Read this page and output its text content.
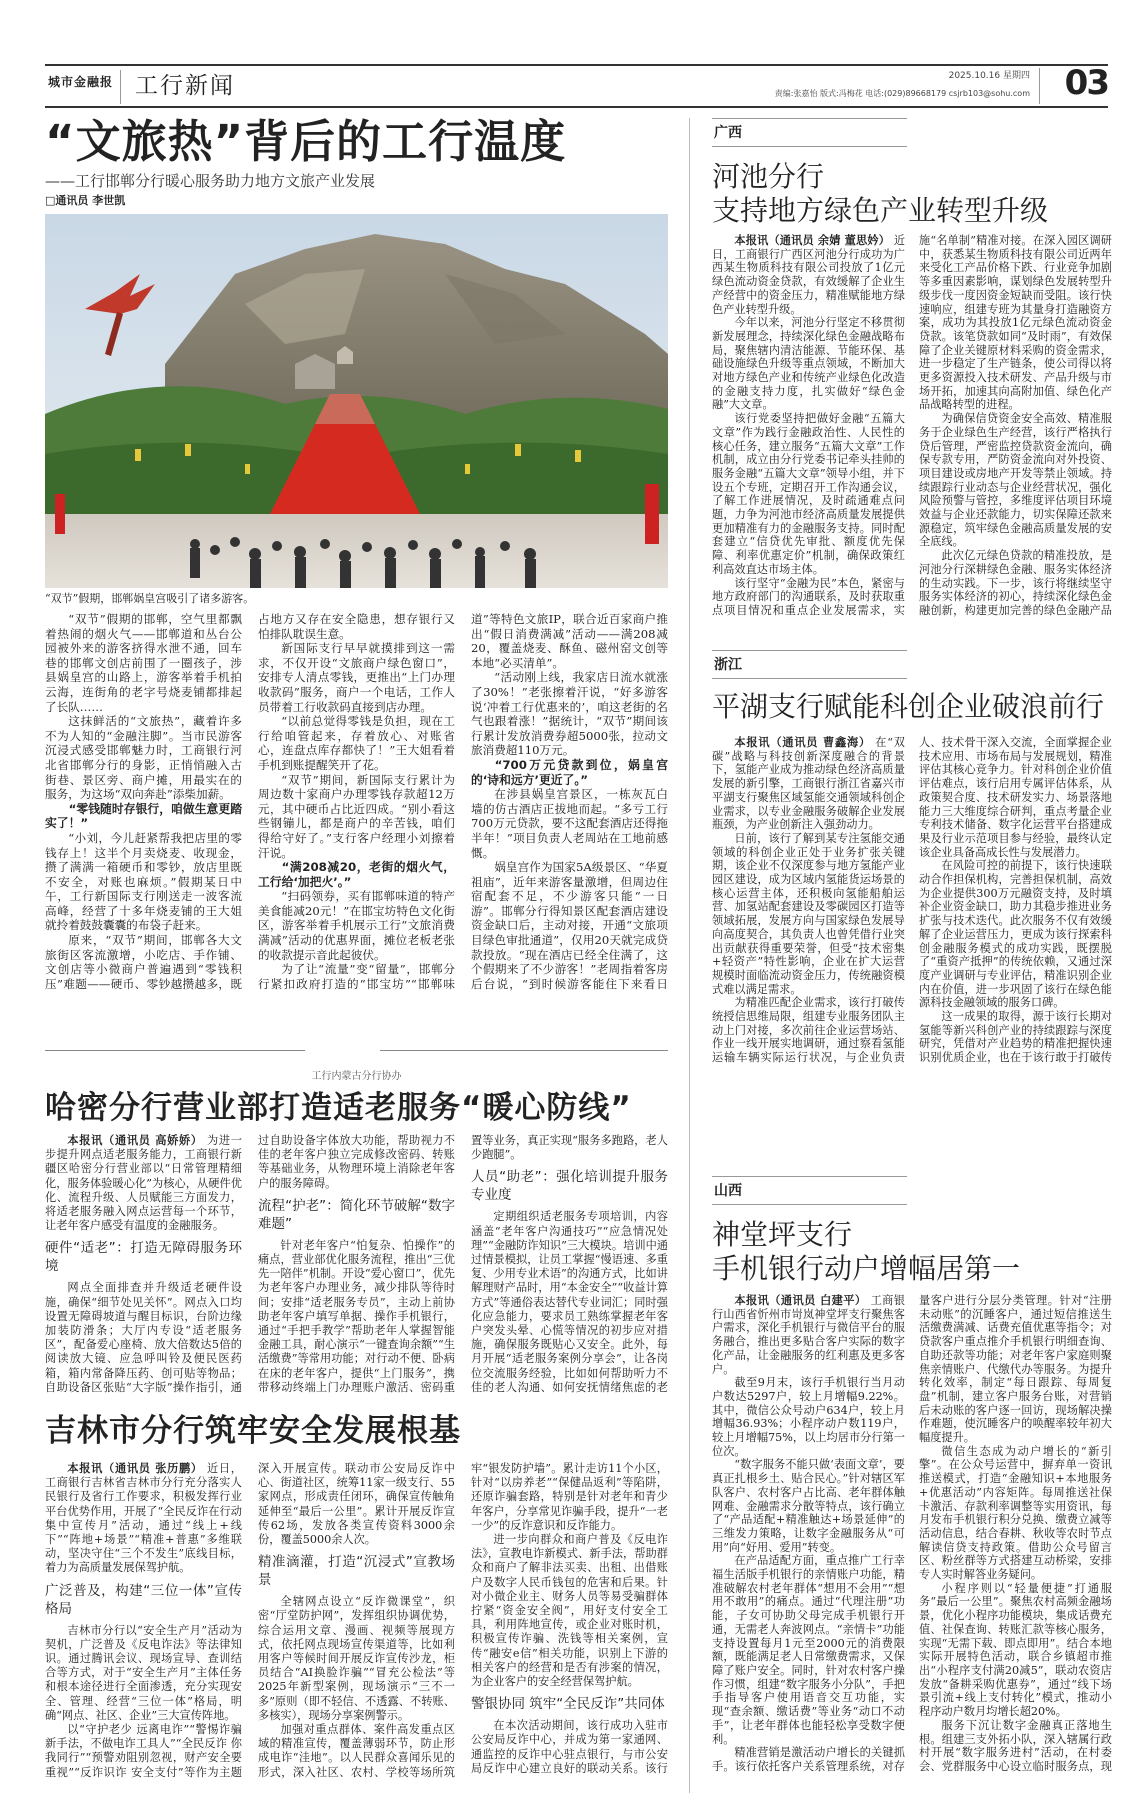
城市金融报 工行新闻	2025.10.16 星期四
责编:张嘉怡 版式:冯梅花 电话:(029)89668179 csjrb103@sohu.com 03
“文旅热”背后的工行温度
——工行邯郸分行暖心服务助力地方文旅产业发展
□通讯员 李世凯
“双节”假期，邯郸娲皇宫吸引了诸多游客。

“双节”假期的邯郸，空气里都飘着热闹的烟火气——邯郸道和丛台公园被外来的游客挤得水泄不通，回车巷的邯郸文创店前围了一圈孩子，涉县娲皇宫的山路上，游客举着手机拍云海，连街角的老字号烧麦铺都排起了长队……

这抹鲜活的“文旅热”，藏着许多不为人知的“金融注脚”。当市民游客沉浸式感受邯郸魅力时，工商银行河北省邯郸分行的身影，正悄悄融入古街巷、景区旁、商户摊，用最实在的服务，为这场“双向奔赴”添柴加薪。

“零钱随时存银行，咱做生意更踏实了！”

“小刘，今儿赶紧帮我把店里的零钱存上！这半个月卖烧麦、收现金，攒了满满一箱硬币和零钞，放店里既不安全，对账也麻烦。”假期某日中午，工行新国际支行刚送走一波客流高峰，经营了十多年烧麦铺的王大姐就拎着鼓鼓囊囊的布袋子赶来。

原来，“双节”期间，邯郸各大文旅街区客流激增，小吃店、手作铺、文创店等小微商户普遍遇到“零钱积压”难题——硬币、零钞越攒越多，既占地方又存在安全隐患，想存银行又怕排队耽误生意。

新国际支行早早就摸排到这一需求，不仅开设“文旅商户绿色窗口”，安排专人清点零钱，更推出“上门办理收款码”服务，商户一个电话，工作人员带着工行收款码直接到店办理。

“以前总觉得零钱是负担，现在工行给咱管起来，存着放心、对账省心，连盘点库存都快了！”王大姐看着手机到账提醒笑开了花。

“双节”期间，新国际支行累计为周边数十家商户办理零钱存款超12万元，其中硬币占比近四成。“别小看这些钢镚儿，都是商户的辛苦钱，咱们得给守好了。”支行客户经理小刘擦着汗说。

“满208减20，老街的烟火气，工行给‘加把火’。”

“扫码领券，买有邯郸味道的特产美食能减20元！”在邯宝坊特色文化街区，游客举着手机展示工行“文旅消费满减”活动的优惠界面，摊位老板老张的收款提示音此起彼伏。

为了让“流量”变“留量”，邯郸分行紧扣政府打造的“邯宝坊”“邯郸味道”等特色文旅IP，联合近百家商户推出“假日消费满减”活动——满208减20，覆盖烧麦、酥鱼、磁州窑文创等本地“必买清单”。

“活动刚上线，我家店日流水就涨了30%！”老张擦着汗说，“好多游客说‘冲着工行优惠来的’，咱这老街的名气也跟着涨！”据统计，“双节”期间该行累计发放消费券超5000张，拉动文旅消费超110万元。

“700万元贷款到位，娲皇宫的‘诗和远方’更近了。”

在涉县娲皇宫景区，一栋灰瓦白墙的仿古酒店正拔地而起。“多亏工行700万元贷款，要不这配套酒店还得拖半年！”项目负责人老周站在工地前感慨。

娲皇宫作为国家5A级景区、“华夏祖庙”，近年来游客量激增，但周边住宿配套不足，不少游客只能“一日游”。邯郸分行得知景区配套酒店建设资金缺口后，主动对接，开通“文旅项目绿色审批通道”，仅用20天就完成贷款投放。“现在酒店已经全住满了，这个假期来了不少游客！”老周指着客房后台说，“到时候游客能住下来看日

工行内蒙古分行协办
哈密分行营业部打造适老服务“暖心防线”

本报讯（通讯员 高娇娇） 为进一步提升网点适老服务能力，工商银行新疆区哈密分行营业部以“日常管理精细化，服务体验暖心化”为核心，从硬件优化、流程升级、人员赋能三方面发力，将适老服务融入网点运营每一个环节，让老年客户感受有温度的金融服务。

硬件“适老”：打造无障碍服务环境

网点全面排查并升级适老硬件设施，确保“细节处见关怀”。网点入口均设置无障碍坡道与醒目标识，台阶边缘加装防滑条；大厅内专设“适老服务区”，配备爱心座椅、放大倍数达5倍的阅读放大镜、应急呼叫铃及便民医药箱，箱内常备降压药、创可贴等物品；自助设备区张贴“大字版”操作指引，通过自助设备字体放大功能，帮助视力不佳的老年客户独立完成修改密码、转账等基础业务，从物理环境上消除老年客户的服务障碍。

流程“护老”：简化环节破解“数字难题”

针对老年客户“怕复杂、怕操作”的痛点，营业部优化服务流程，推出“三优先一陪伴”机制。开设“爱心窗口”，优先为老年客户办理业务，减少排队等待时间；安排“适老服务专员”，主动上前协助老年客户填写单据、操作手机银行，通过“手把手教学”帮助老年人掌握智能金融工具，耐心演示“一键查询余额”“生活缴费”等常用功能；对行动不便、卧病在床的老年客户，提供“上门服务”，携带移动终端上门办理账户激活、密码重置等业务，真正实现“服务多跑路，老人少跑腿”。

人员“助老”：强化培训提升服务专业度

定期组织适老服务专项培训，内容涵盖“老年客户沟通技巧”“应急情况处理”“金融防诈知识”三大模块。培训中通过情景模拟，让员工掌握“慢语速、多重复、少用专业术语”的沟通方式，比如讲解理财产品时，用“本金安全”“收益计算方式”等通俗表达替代专业词汇；同时强化应急能力，要求员工熟练掌握老年客户突发头晕、心慌等情况的初步应对措施，确保服务既贴心又安全。此外，每月开展“适老服务案例分享会”，让各岗位交流服务经验，比如如何帮助听力不佳的老人沟通、如何安抚情绪焦虑的老

吉林市分行筑牢安全发展根基

本报讯（通讯员 张历鹏） 近日，工商银行吉林省吉林市分行充分落实人民银行及省行工作要求，积极发挥行业平台优势作用，开展了“全民反诈在行动集中宣传月”活动，通过“线上+线下”“阵地+场景”“精准+普惠”多维联动，坚决守住“三个不发生”底线目标，着力为高质量发展保驾护航。

广泛普及，构建“三位一体”宣传格局

吉林市分行以“安全生产月”活动为契机，广泛普及《反电诈法》等法律知识。通过腾讯会议、现场宣导、查训结合等方式，对于“安全生产月”主体任务和根本途径进行全面渗透，充分实现安全、管理、经营“三位一体”格局，明确“网点、社区、企业”三大宣传阵地。

以“守护老少 远离电诈”“警惕诈骗新手法，不做电诈工具人”“全民反诈 你我同行”“预警劝阻别忽视，财产安全要重视”“反诈识诈 安全支付”等作为主题深入开展宣传。联动市公安局反诈中心、街道社区，统筹11家一级支行、55家网点，形成责任闭环，确保宣传触角延伸至“最后一公里”。累计开展反诈宣传62场，发放各类宣传资料3000余份，覆盖5000余人次。

精准滴灌，打造“沉浸式”宣教场景

全辖网点设立“反诈微课堂”，织密“厅堂防护网”，发挥组织协调优势，综合运用文章、漫画、视频等展现方式，依托网点现场宣传渠道等，比如利用客户等候时间开展反诈宣传沙龙，柜员结合“AI换脸诈骗”“冒充公检法”等2025年新型案例，现场演示“三不一多”原则（即不轻信、不透露、不转账、多核实），现场分享案例警示。

加强对重点群体、案件高发重点区域的精准宣传，覆盖薄弱环节，防止形成电诈“洼地”。以人民群众喜闻乐见的形式，深入社区、农村、学校等场所筑牢“银发防护墙”。累计走访11个小区，针对“以房养老”“保健品返利”等陷阱，还原诈骗套路，特别是针对老年和青少年客户，分享常见诈骗手段，提升“一老一少”的反诈意识和反诈能力。

进一步向群众和商户普及《反电诈法》，宣教电诈新模式、新手法，帮助群众和商户了解非法买卖、出租、出借账户及数字人民币钱包的危害和后果。针对小微企业主、财务人员等易受骗群体拧紧“资金安全阀”，用好支付安全工具，利用阵地宣传，或企业对账时机，积极宣传诈骗、洗钱等相关案例，宣传“融安e信”相关功能，识别上下游的相关客户的经营和是否有涉案的情况，为企业客户的安全经营保驾护航。

警银协同 筑牢“全民反诈”共同体

在本次活动期间，该行成功入驻市公安局反诈中心，并成为第一家通网、通监控的反诈中心驻点银行，与市公安局反诈中心建立良好的联动关系。该行

广西
河池分行
支持地方绿色产业转型升级

本报讯（通讯员 余婧 董思妗） 近日，工商银行广西区河池分行成功为广西某生物质科技有限公司投放了1亿元绿色流动资金贷款，有效缓解了企业生产经营中的资金压力，精准赋能地方绿色产业转型升级。

今年以来，河池分行坚定不移贯彻新发展理念，持续深化绿色金融战略布局，聚焦辖内清洁能源、节能环保、基础设施绿色升级等重点领域，不断加大对地方绿色产业和传统产业绿色化改造的金融支持力度，扎实做好“绿色金融”大文章。

该行党委坚持把做好金融“五篇大文章”作为践行金融政治性、人民性的核心任务，建立服务“五篇大文章”工作机制，成立由分行党委书记牵头挂帅的服务金融“五篇大文章”领导小组，并下设五个专班，定期召开工作沟通会议，了解工作进展情况，及时疏通难点问题，力争为河池市经济高质量发展提供更加精准有力的金融服务支持。同时配套建立“信贷优先审批、额度优先保障、利率优惠定价”机制，确保政策红利高效直达市场主体。

该行坚守“金融为民”本色，紧密与地方政府部门的沟通联系，及时获取重点项目情况和重点企业发展需求，实施“名单制”精准对接。在深入园区调研中，获悉某生物质科技有限公司近两年来受化工产品价格下跌、行业竞争加剧等多重因素影响，谋划绿色发展转型升级步伐一度因资金短缺而受阻。该行快速响应，组建专班为其量身打造融资方案，成功为其投放1亿元绿色流动资金贷款。该笔贷款如同“及时雨”，有效保障了企业关键原材料采购的资金需求，进一步稳定了生产链条，使公司得以将更多资源投入技术研发、产品升级与市场开拓，加速其向高附加值、绿色化产品战略转型的进程。

为确保信贷资金安全高效、精准服务于企业绿色生产经营，该行严格执行贷后管理，严密监控贷款资金流向，确保专款专用，严防资金流向对外投资、项目建设或房地产开发等禁止领域。持续跟踪行业动态与企业经营状况，强化风险预警与管控，多维度评估项目环境效益与企业还款能力，切实保障还款来源稳定，筑牢绿色金融高质量发展的安全底线。

此次亿元绿色贷款的精准投放，是河池分行深耕绿色金融、服务实体经济的生动实践。下一步，该行将继续坚守服务实体经济的初心，持续深化绿色金融创新，构建更加完善的绿色金融产品

浙江
平湖支行赋能科创企业破浪前行

本报讯（通讯员 曹鑫海） 在“双碳”战略与科技创新深度融合的背景下，氢能产业成为推动绿色经济高质量发展的新引擎，工商银行浙江省嘉兴市平湖支行聚焦区域氢能交通领域科创企业需求，以专业金融服务破解企业发展瓶颈，为产业创新注入强劲动力。

日前，该行了解到某专注氢能交通领域的科创企业正处于业务扩张关键期，该企业不仅深度参与地方氢能产业园区建设，成为区域内氢能货运场景的核心运营主体，还积极向氢能船舶运营、加氢站配套建设及零碳园区打造等领域拓展，发展方向与国家绿色发展导向高度契合，其负责人也曾凭借行业突出贡献获得重要荣誉，但受“技术密集+轻资产”特性影响，企业在扩大运营规模时面临流动资金压力，传统融资模式难以满足需求。

为精准匹配企业需求，该行打破传统授信思维局限，组建专业服务团队主动上门对接，多次前往企业运营场站、作业一线开展实地调研，通过察看氢能运输车辆实际运行状况，与企业负责人、技术骨干深入交流，全面掌握企业技术应用、市场布局与发展规划，精准评估其核心竞争力。针对科创企业价值评估难点，该行启用专属评估体系，从政策契合度、技术研发实力、场景落地能力三大维度综合研判，重点考量企业专利技术储备、数字化运营平台搭建成果及行业示范项目参与经验，最终认定该企业具备高成长性与发展潜力。

在风险可控的前提下，该行快速联动合作担保机构，完善担保机制，高效为企业提供300万元融资支持，及时填补企业资金缺口，助力其稳步推进业务扩张与技术迭代。此次服务不仅有效缓解了企业运营压力，更成为该行探索科创金融服务模式的成功实践，既摆脱了“重资产抵押”的传统依赖，又通过深度产业调研与专业评估，精准识别企业内在价值，进一步巩固了该行在绿色能源科技金融领域的服务口碑。

这一成果的取得，源于该行长期对氢能等新兴科创产业的持续跟踪与深度研究，凭借对产业趋势的精准把握快速识别优质企业，也在于该行敢于打破传

山西
神堂坪支行
手机银行动户增幅居第一

本报讯（通讯员 白建平） 工商银行山西省忻州市岢岚神堂坪支行聚焦客户需求，深化手机银行与微信平台的服务融合，推出更多贴合客户实际的数字化产品，让金融服务的红利惠及更多客户。

截至9月末，该行手机银行当月动户数达5297户，较上月增幅9.22%。其中，微信公众号动户634户，较上月增幅36.93%；小程序动户数119户，较上月增幅75%，以上均居市分行第一位次。

“数字服务不能只做‘表面文章’，要真正扎根乡土、贴合民心。”针对辖区军队客户、农村客户占比高、老年群体触网难、金融需求分散等特点，该行确立了“产品适配+精准触达+场景延伸”的三维发力策略，让数字金融服务从“可用”向“好用、爱用”转变。

在产品适配方面，重点推广工行幸福生活版手机银行的亲情账户功能，精准破解农村老年群体“想用不会用”“想用不敢用”的痛点。通过“代理注册”功能，子女可协助父母完成手机银行开通，无需老人奔波网点。“亲情卡”功能支持设置每月1元至2000元的消费限额，既能满足老人日常缴费需求，又保障了账户安全。同时，针对农村客户操作习惯，组建“数字服务小分队”，手把手指导客户使用语音交互功能，实现“查余额、缴话费”等业务“动口不动手”，让老年群体也能轻松享受数字便利。

精准营销是激活动户增长的关键抓手。该行依托客户关系管理系统，对存量客户进行分层分类管理。针对“注册未动账”的沉睡客户，通过短信推送生活缴费满减、话费充值优惠等指令；对贷款客户重点推介手机银行明细查询、自助还款等功能；对老年客户家庭则聚焦亲情账户、代缴代办等服务。为提升转化效率，制定“每日跟踪、每周复盘”机制，建立客户服务台账，对营销后未动账的客户逐一回访，现场解决操作难题，使沉睡客户的唤醒率较年初大幅度提升。

微信生态成为动户增长的“新引擎”。在公众号运营中，摒弃单一资讯推送模式，打造“金融知识+本地服务+优惠活动”内容矩阵。每周推送社保卡激活、存款利率调整等实用资讯，每月发布手机银行积分兑换、缴费立减等活动信息，结合春耕、秋收等农时节点解读信贷支持政策。借助公众号留言区、粉丝群等方式搭建互动桥梁，安排专人实时解答业务疑问。

小程序则以“轻量便捷”打通服务“最后一公里”。聚焦农村高频金融场景，优化小程序功能模块，集成话费充值、社保查询、转账汇款等核心服务，实现“无需下载、即点即用”。结合本地实际开展特色活动，联合乡镇超市推出“小程序支付满20减5”，联动农资店发放“备耕采购优惠券”，通过“线下场景引流+线上支付转化”模式，推动小程序动户数月均增长超20%。

服务下沉让数字金融真正落地生根。组建三支外拓小队，深入辖属行政村开展“数字服务进村”活动，在村委会、党群服务中心设立临时服务点，现
